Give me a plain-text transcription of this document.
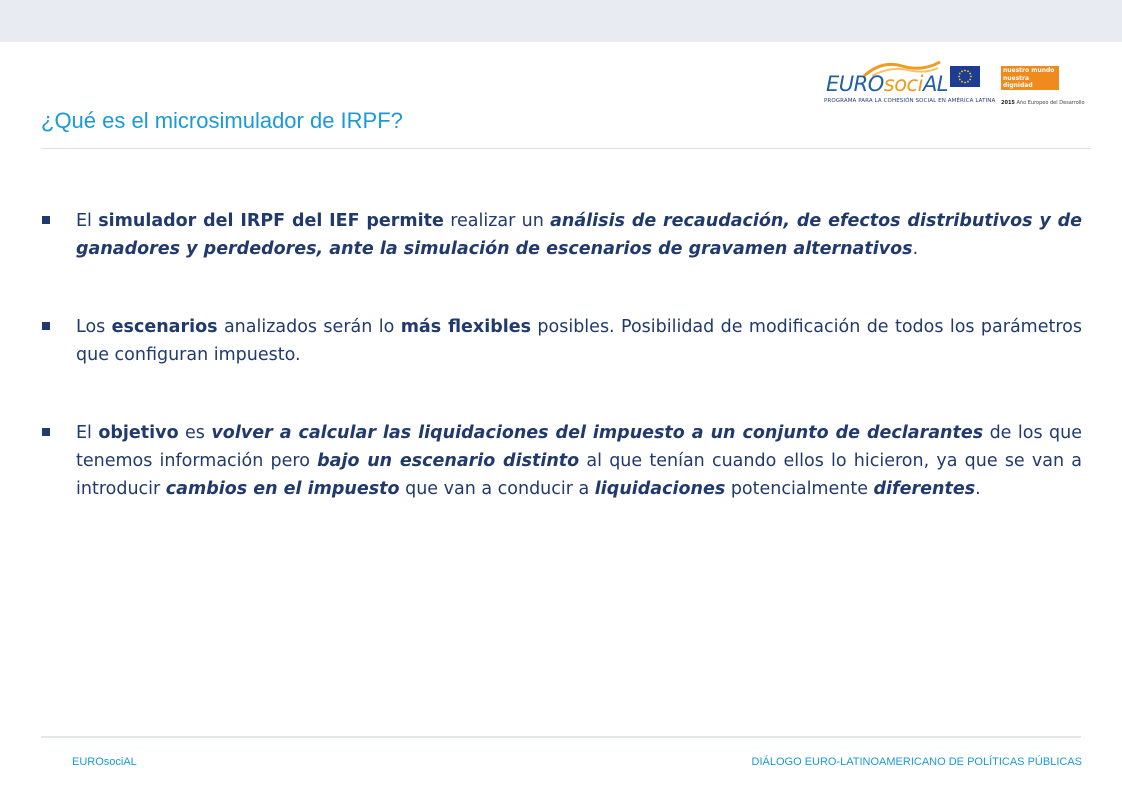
EUROsociAL
PROGRAMA PARA LA COHESIÓN SOCIAL EN AMÉRICA LATINA
nuestro mundo
nuestra dignidad
nuestro futuro
2015 Año Europeo del Desarrollo
¿Qué es el microsimulador de IRPF?
El simulador del IRPF del IEF permite realizar un análisis de recaudación, de efectos distributivos y de ganadores y perdedores, ante la simulación de escenarios de gravamen alternativos.
Los escenarios analizados serán lo más flexibles posibles. Posibilidad de modificación de todos los parámetros que configuran impuesto.
El objetivo es volver a calcular las liquidaciones del impuesto a un conjunto de declarantes de los que tenemos información pero bajo un escenario distinto al que tenían cuando ellos lo hicieron, ya que se van a introducir cambios en el impuesto que van a conducir a liquidaciones potencialmente diferentes.
EUROsociAL	DIÁLOGO EURO-LATINOAMERICANO DE POLÍTICAS PÚBLICAS
